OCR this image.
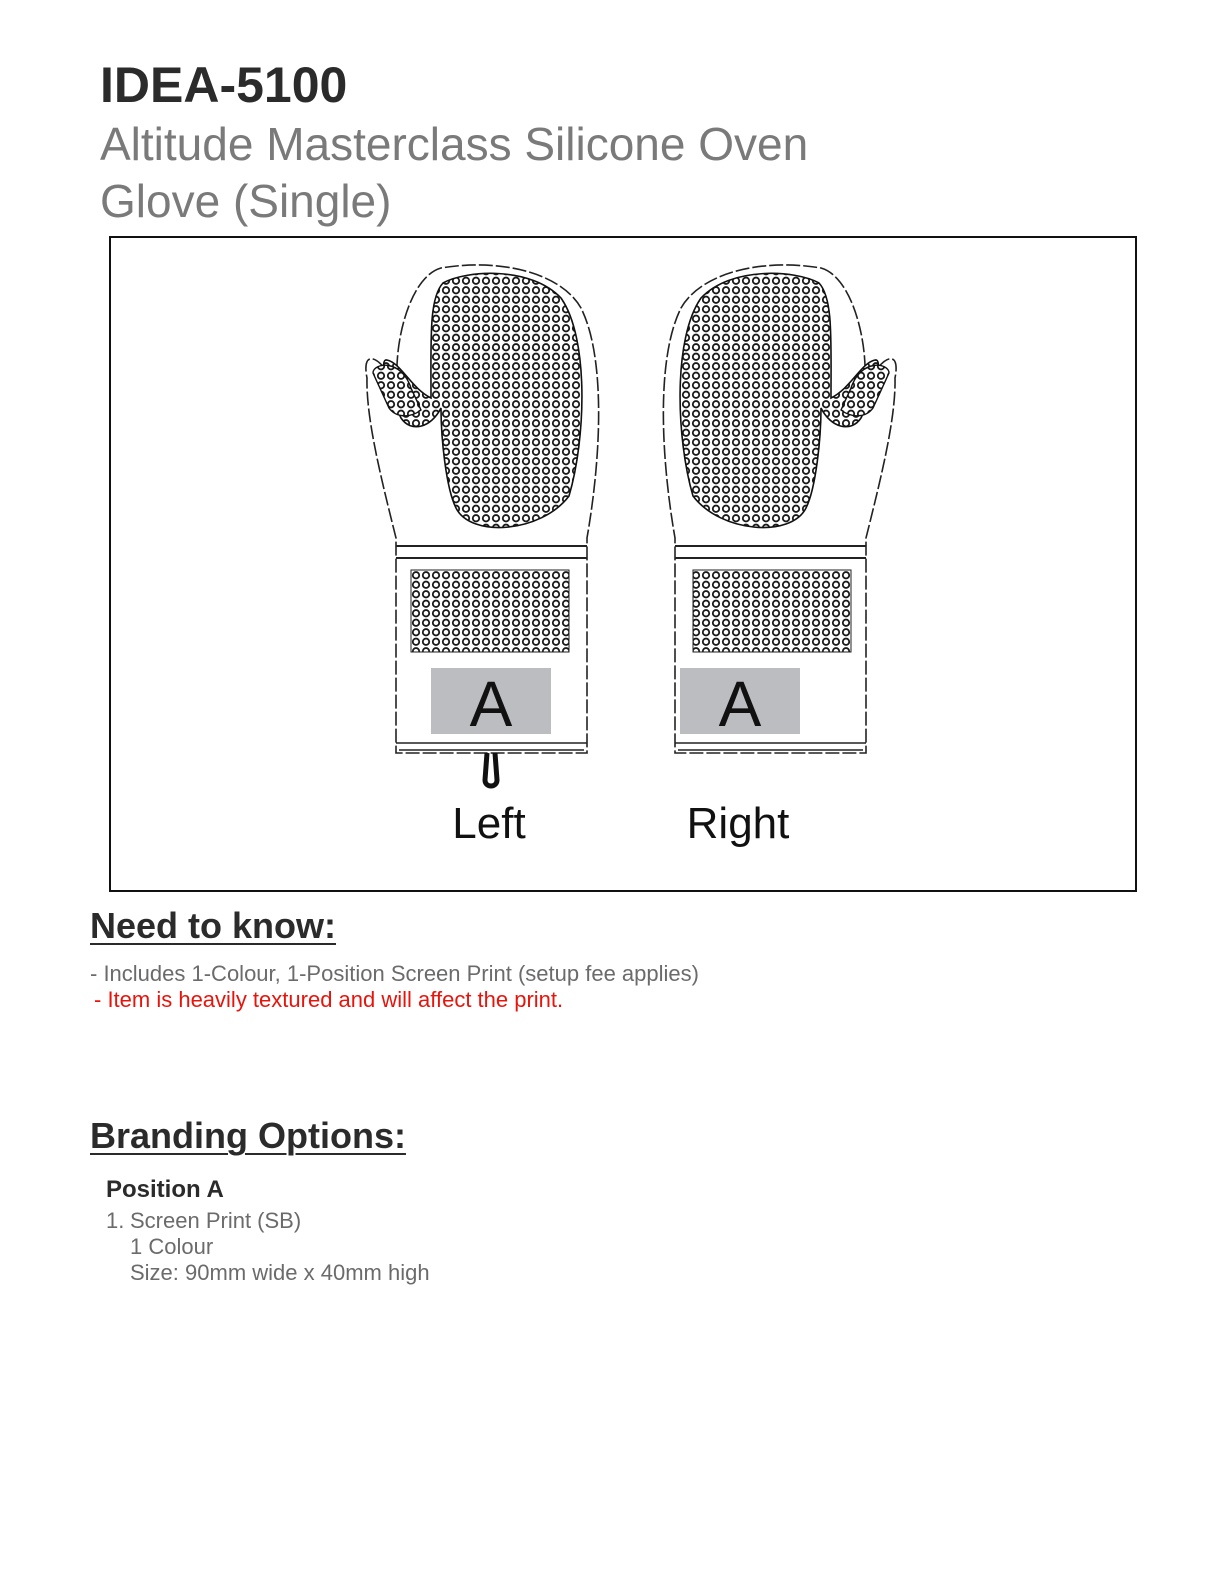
IDEA-5100
Altitude Masterclass Silicone Oven Glove (Single)
A	A
Left	Right
Need to know:

- Includes 1-Colour, 1-Position Screen Print (setup fee applies)

- Item is heavily textured and will affect the print.

Branding Options:

Position A

1. Screen Print (SB)
1 Colour
Size: 90mm wide x 40mm high
